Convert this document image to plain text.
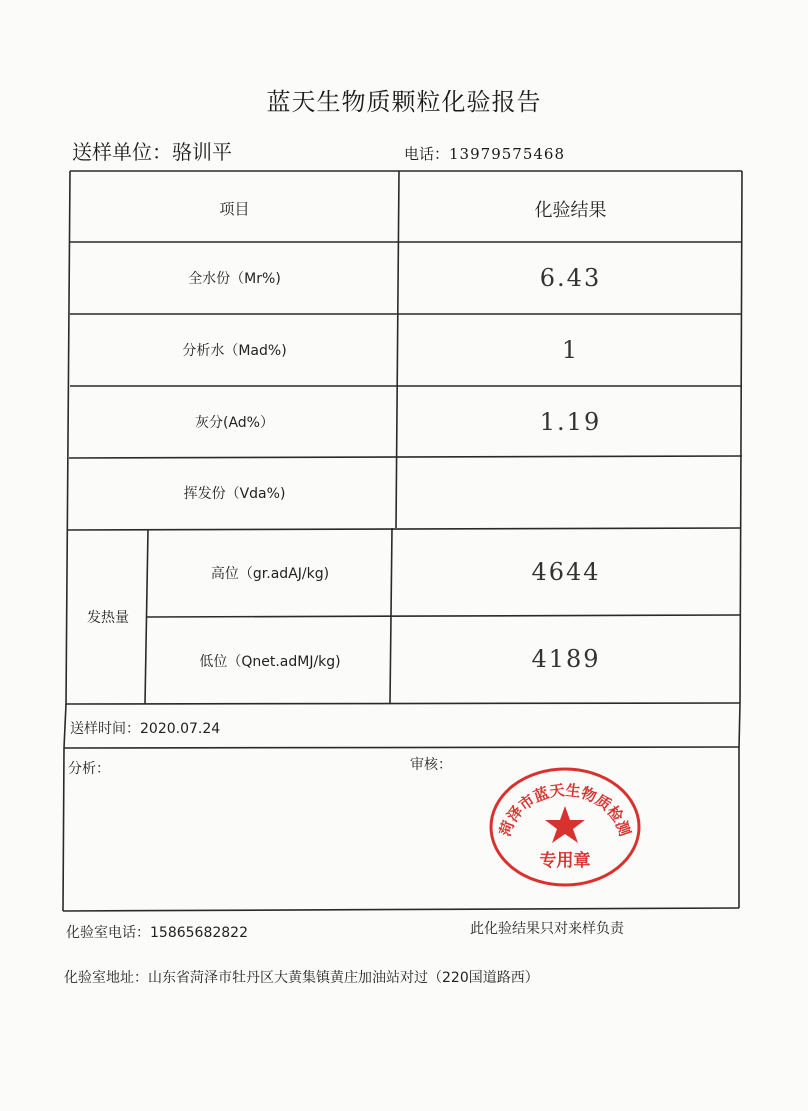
蓝天生物质颗粒化验报告
送样单位：骆训平	电话：13979575468
项目	化验结果
全水份（Mr%)	6.43
分析水（Mad%)	1
灰分(Ad%）	1.19
挥发份（Vda%)
发热量
高位（gr.adAJ/kg)	4644
低位（Qnet.adMJ/kg)	4189
送样时间：2020.07.24
分析：	审核：
菏泽市蓝天生物质检测
专用章
化验室电话：15865682822	此化验结果只对来样负责
化验室地址：山东省菏泽市牡丹区大黄集镇黄庄加油站对过（220国道路西）
